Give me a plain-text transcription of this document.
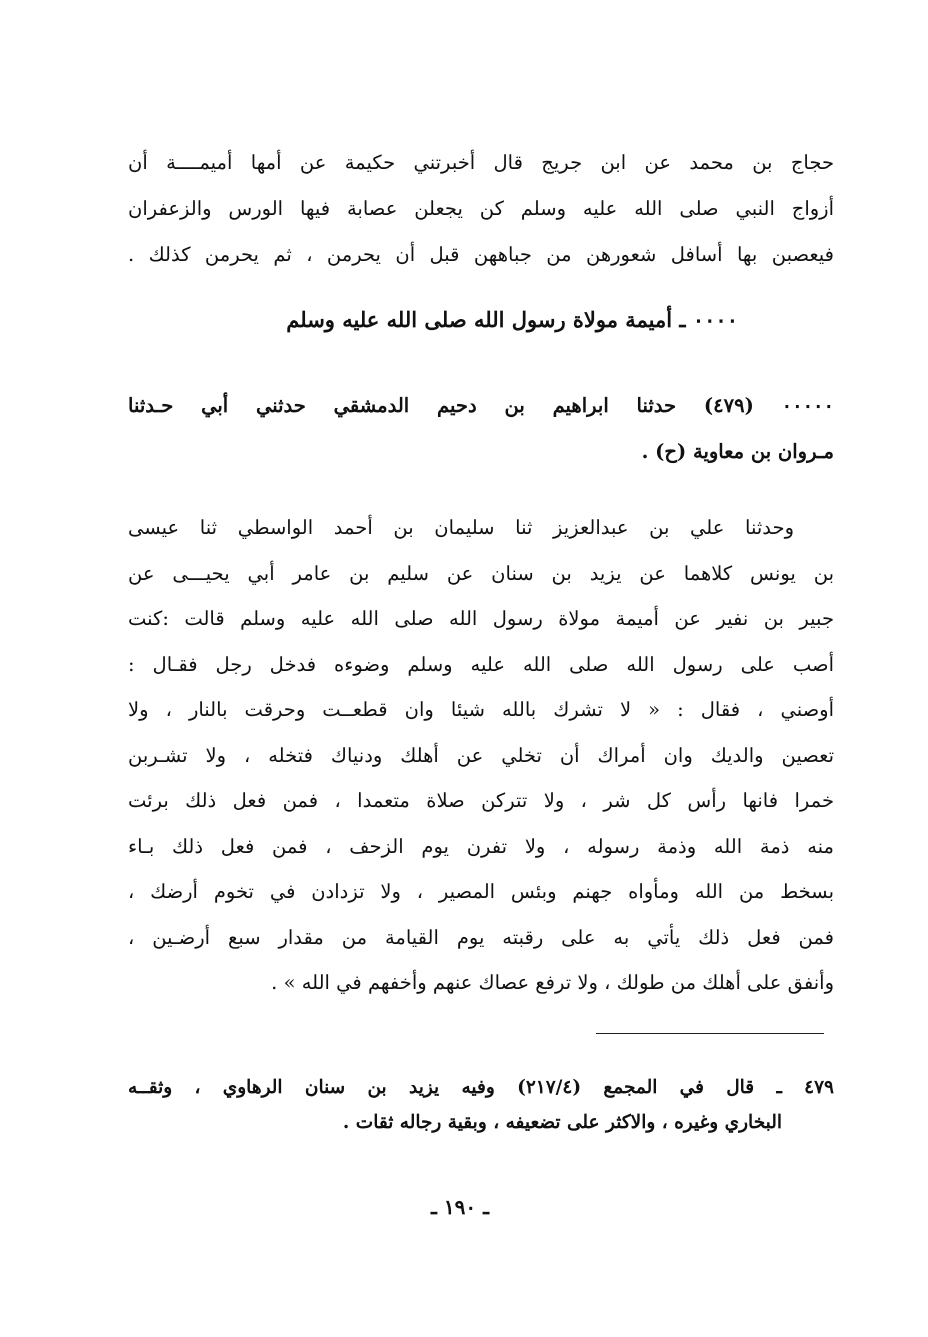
حجاج بن محمد عن ابن جريج قال أخبرتني حكيمة عن أمها أميمــــة أن
أزواج النبي صلى الله عليه وسلم كن يجعلن عصابة فيها الورس والزعفران
فيعصبن بها أسافل شعورهن من جباههن قبل أن يحرمن ، ثم يحرمن كذلك .
٠٠٠٠ ـ أميمة مولاة رسول الله صلى الله عليه وسلم
٠٠٠٠٠ (٤٧٩) حدثنا ابراهيم بن دحيم الدمشقي حدثني أبي حـدثنا
مـروان بن معاوية (ح) .
وحدثنا علي بن عبدالعزيز ثنا سليمان بن أحمد الواسطي ثنا عيسى
بن يونس كلاهما عن يزيد بن سنان عن سليم بن عامر أبي يحيـــى عن
جبير بن نفير عن أميمة مولاة رسول الله صلى الله عليه وسلم قالت :كنت
أصب على رسول الله صلى الله عليه وسلم وضوءه فدخل رجل فقـال :
أوصني ، فقال : « لا تشرك بالله شيئا وان قطعــت وحرقت بالنار ، ولا
تعصين والديك وان أمراك أن تخلي عن أهلك ودنياك فتخله ، ولا تشـربن
خمرا فانها رأس كل شر ، ولا تتركن صلاة متعمدا ، فمن فعل ذلك برئت
منه ذمة الله وذمة رسوله ، ولا تفرن يوم الزحف ، فمن فعل ذلك بـاء
بسخط من الله ومأواه جهنم وبئس المصير ، ولا تزدادن في تخوم أرضك ،
فمن فعل ذلك يأتي به على رقبته يوم القيامة من مقدار سبع أرضـين ،
وأنفق على أهلك من طولك ، ولا ترفع عصاك عنهم وأخفهم في الله » .
٤٧٩ ـ قال في المجمع (٢١٧/٤) وفيه يزيد بن سنان الرهاوي ، وثقــه
البخاري وغيره ، والاكثر على تضعيفه ، وبقية رجاله ثقات .
ـ ١٩٠ ـ
